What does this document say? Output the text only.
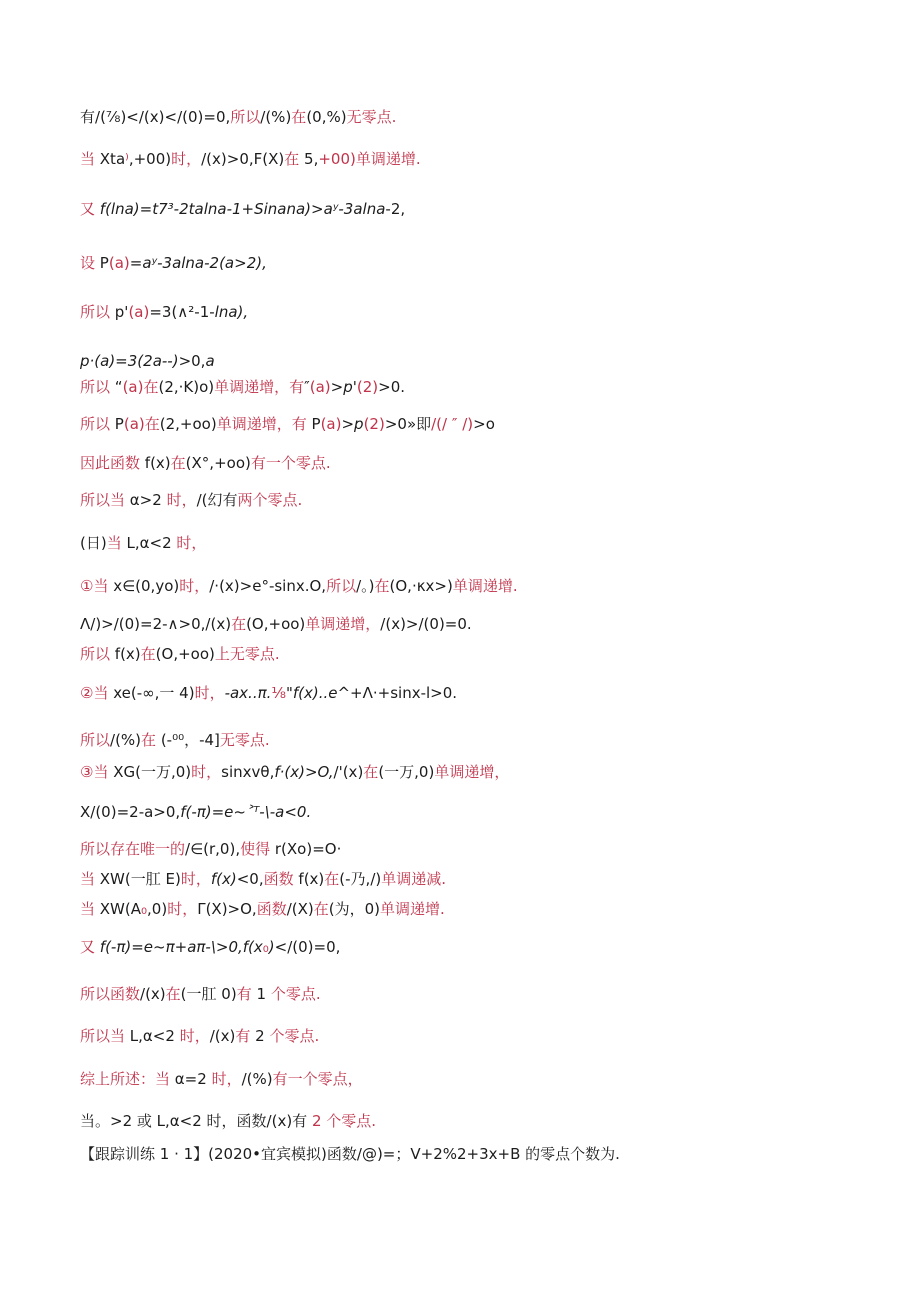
有/(⅞)</(x)</(0)=0,所以/(%)在(0,%)无零点.
当 Xta⁾,+00)时，/(x)>0,F(X)在 5,+00)单调递增.
又 f(lna)=t7³-2talna-1+Sinana)>aʸ-3alna-2,
设 P(a)=aʸ-3alna-2(a>2),
所以 p'(a)=3(∧²-1-lna),
p·(a)=3(2a--)>0,a
所以 “(a)在(2,·K)o)单调递增，有″(a)>p'(2)>0.
所以 P(a)在(2,+oo)单调递增，有 P(a)>p(2)>0»即/(/ ″ /)>o
因此函数 f(x)在(X°,+oo)有一个零点.
所以当 α>2 时，/(幻有两个零点.
(日)当 L,α<2 时，
①当 x∈(0,yo)时，/·(x)>e°-sinx.O,所以/。)在(O,·κx>)单调递增.
Λ/)>/(0)=2-∧>0,/(x)在(O,+oo)单调递增，/(x)>/(0)=0.
所以 f(x)在(O,+oo)上无零点.
②当 xe(-∞,一 4)时，-ax..π.⅛"f(x)..e^+Λ·+sinx-l>0.
所以/(%)在 (-⁰⁰，-4]无零点.
③当 XG(一万,0)时，sinxvθ,f·(x)>O,/'(x)在(一万,0)单调递增，
X/(0)=2-a>0,f(-π)=e~˃ᵀ-\-a<0.
所以存在唯一的/∈(r,0),使得 r(Xo)=O·
当 XW(一肛 E)时，f(x)<0,函数 f(x)在(-乃,/)单调递减.
当 XW(A₀,0)时，Γ(X)>O,函数/(X)在(为，0)单调递增.
又 f(-π)=e~π+aπ-\>0,f(x₀)</(0)=0,
所以函数/(x)在(一肛 0)有 1 个零点.
所以当 L,α<2 时，/(x)有 2 个零点.
综上所述：当 α=2 时，/(%)有一个零点，
当。>2 或 L,α<2 时，函数/(x)有 2 个零点.
【跟踪训练 1 · 1】(2020•宜宾模拟)函数/@)=；V+2%2+3x+B 的零点个数为.
